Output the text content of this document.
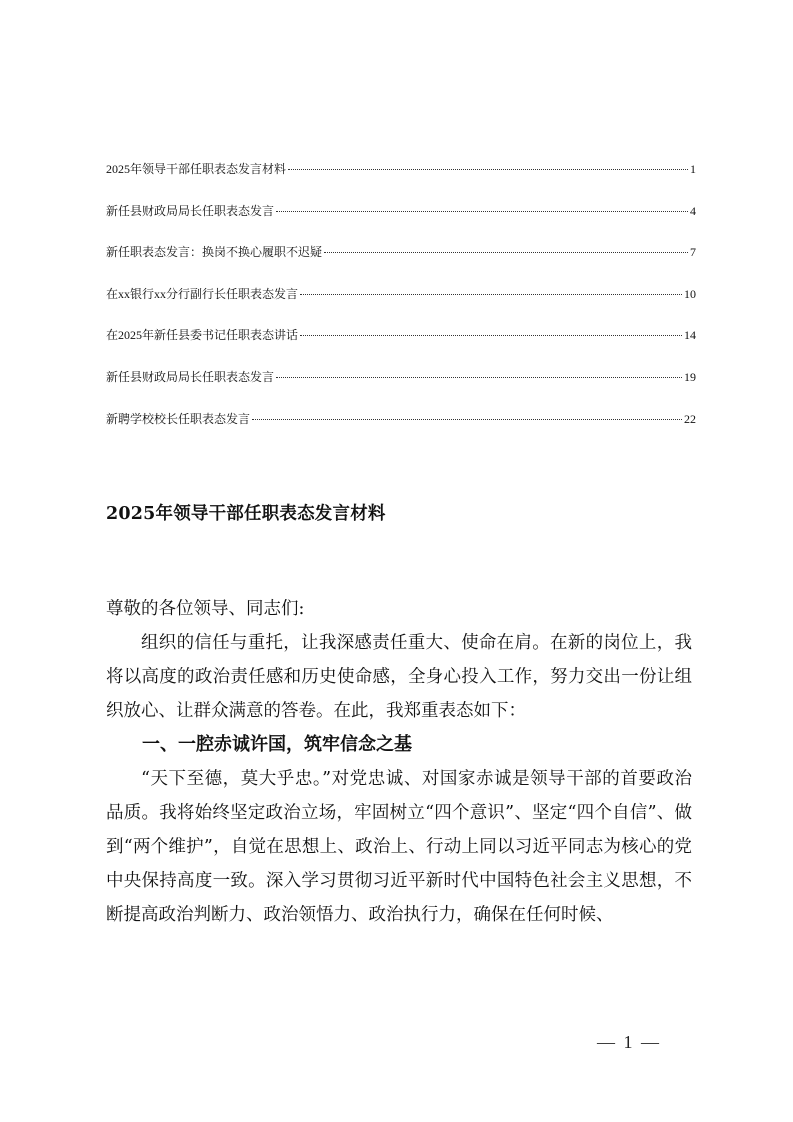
2025年领导干部任职表态发言材料	1
新任县财政局局长任职表态发言	4
新任职表态发言：换岗不换心履职不迟疑	7
在xx银行xx分行副行长任职表态发言	10
在2025年新任县委书记任职表态讲话	14
新任县财政局局长任职表态发言	19
新聘学校校长任职表态发言	22
2025年领导干部任职表态发言材料

尊敬的各位领导、同志们:

组织的信任与重托，让我深感责任重大、使命在肩。在新的岗位上，我将以高度的政治责任感和历史使命感，全身心投入工作，努力交出一份让组织放心、让群众满意的答卷。在此，我郑重表态如下：

一、一腔赤诚许国，筑牢信念之基

“天下至德，莫大乎忠。”对党忠诚、对国家赤诚是领导干部的首要政治品质。我将始终坚定政治立场，牢固树立“四个意识”、坚定“四个自信”、做到“两个维护”，自觉在思想上、政治上、行动上同以习近平同志为核心的党中央保持高度一致。深入学习贯彻习近平新时代中国特色社会主义思想，不断提高政治判断力、政治领悟力、政治执行力，确保在任何时候、

— 1 —
